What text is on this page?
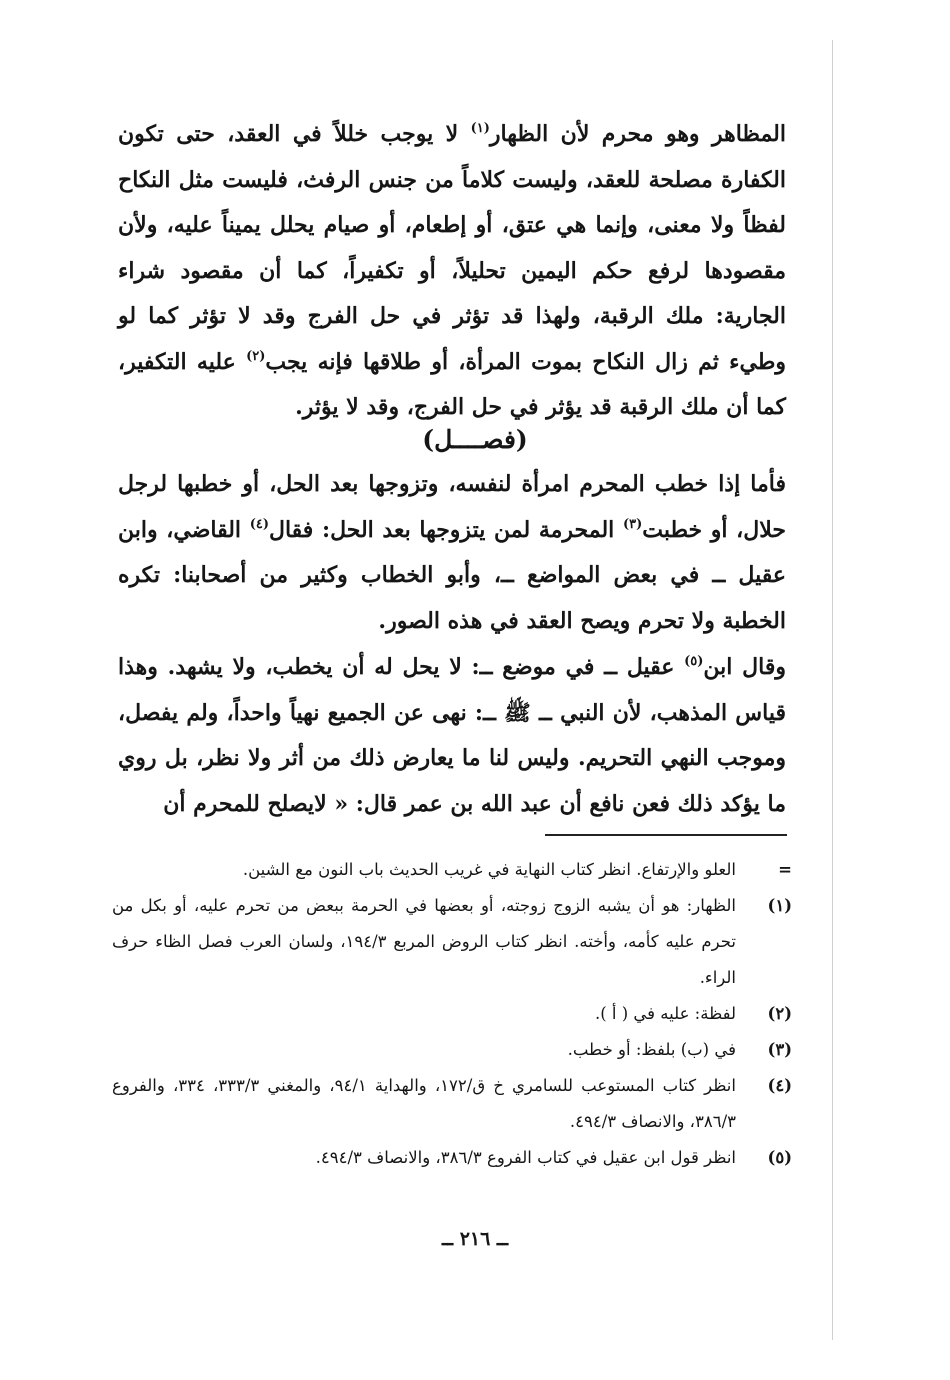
المظاهر وهو محرم لأن الظهار$^{(١)}$ لا يوجب خللاً في العقد، حتى تكون الكفارة مصلحة للعقد، وليست كلاماً من جنس الرفث، فليست مثل النكاح لفظاً ولا معنى، وإنما هي عتق، أو إطعام، أو صيام يحلل يميناً عليه، ولأن مقصودها لرفع حكم اليمين تحليلاً، أو تكفيراً، كما أن مقصود شراء الجارية: ملك الرقبة، ولهذا قد تؤثر في حل الفرج وقد لا تؤثر كما لو وطيء ثم زال النكاح بموت المرأة، أو طلاقها فإنه يجب$^{(٢)}$ عليه التكفير، كما أن ملك الرقبة قد يؤثر في حل الفرج، وقد لا يؤثر.

(فصــــل)

فأما إذا خطب المحرم امرأة لنفسه، وتزوجها بعد الحل، أو خطبها لرجل حلال، أو خطبت$^{(٣)}$ المحرمة لمن يتزوجها بعد الحل: فقال$^{(٤)}$ القاضي، وابن عقيل ــ في بعض المواضع ــ، وأبو الخطاب وكثير من أصحابنا: تكره الخطبة ولا تحرم ويصح العقد في هذه الصور.

وقال ابن$^{(٥)}$ عقيل ــ في موضع ــ: لا يحل له أن يخطب، ولا يشهد. وهذا قياس المذهب، لأن النبي ــ ﷺ ــ: نهى عن الجميع نهياً واحداً، ولم يفصل، وموجب النهي التحريم. وليس لنا ما يعارض ذلك من أثر ولا نظر، بل روي ما يؤكد ذلك فعن نافع أن عبد الله بن عمر قال: « لايصلح للمحرم أن

=
العلو والإرتفاع. انظر كتاب النهاية في غريب الحديث باب النون مع الشين.
(١)
الظهار: هو أن يشبه الزوج زوجته، أو بعضها في الحرمة ببعض من تحرم عليه، أو بكل من تحرم عليه كأمه، وأخته. انظر كتاب الروض المربع ١٩٤/٣، ولسان العرب فصل الظاء حرف الراء.
(٢)
لفظة: عليه في ( أ ).
(٣)
في (ب) بلفظ: أو خطب.
(٤)
انظر كتاب المستوعب للسامري خ ق/١٧٢، والهداية ٩٤/١، والمغني ٣٣٣/٣، ٣٣٤، والفروع ٣٨٦/٣، والانصاف ٤٩٤/٣.
(٥)
انظر قول ابن عقيل في كتاب الفروع ٣٨٦/٣، والانصاف ٤٩٤/٣.
ــ ٢١٦ ــ
